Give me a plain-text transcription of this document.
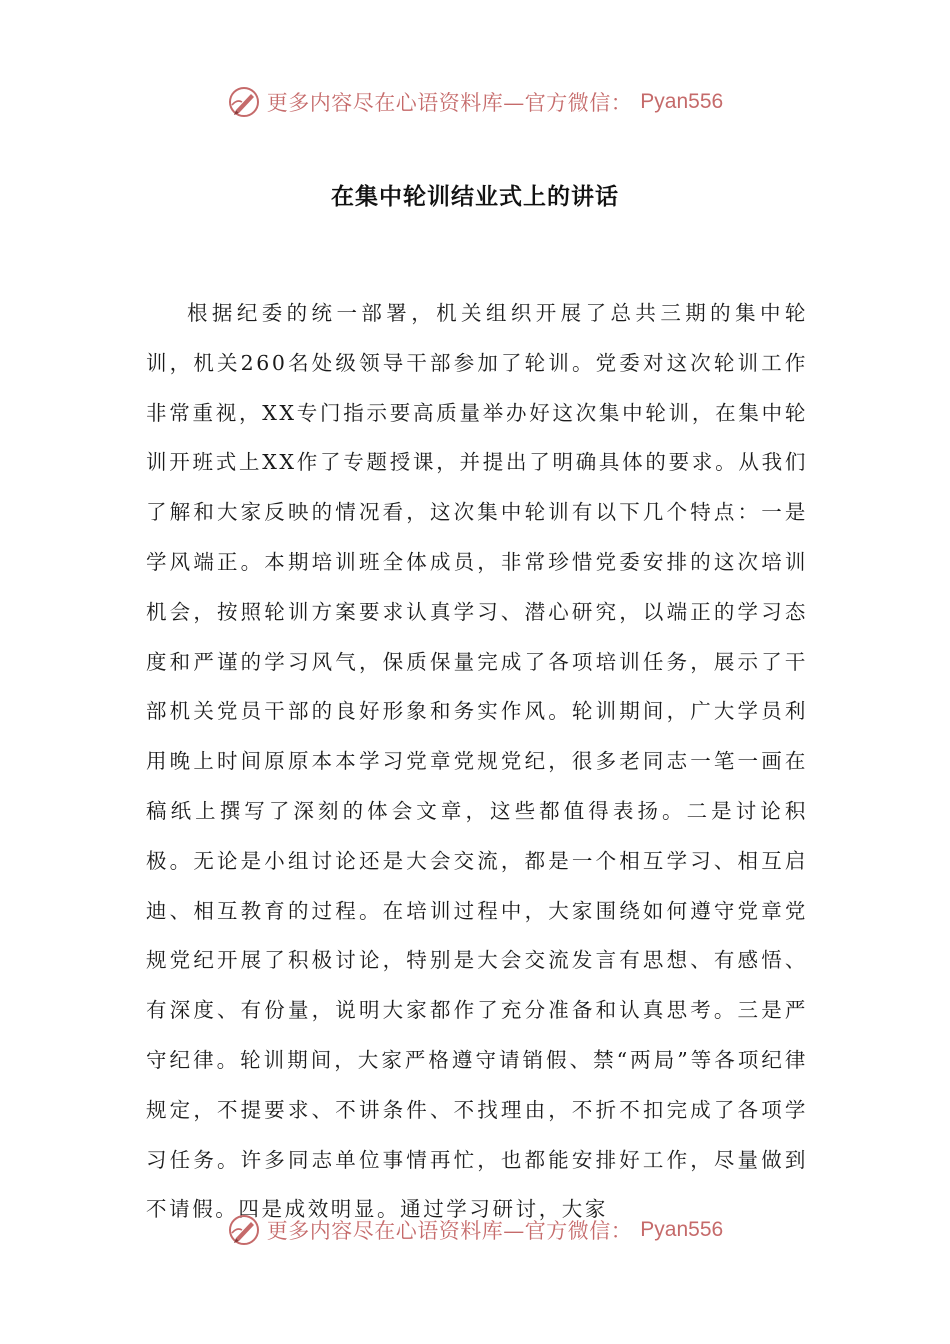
更多内容尽在心语资料库—官方微信： Pyan556
在集中轮训结业式上的讲话

根据纪委的统一部署，机关组织开展了总共三期的集中轮训，机关260名处级领导干部参加了轮训。党委对这次轮训工作非常重视，XX专门指示要高质量举办好这次集中轮训，在集中轮训开班式上XX作了专题授课，并提出了明确具体的要求。从我们了解和大家反映的情况看，这次集中轮训有以下几个特点：一是学风端正。本期培训班全体成员，非常珍惜党委安排的这次培训机会，按照轮训方案要求认真学习、潜心研究，以端正的学习态度和严谨的学习风气，保质保量完成了各项培训任务，展示了干部机关党员干部的良好形象和务实作风。轮训期间，广大学员利用晚上时间原原本本学习党章党规党纪，很多老同志一笔一画在稿纸上撰写了深刻的体会文章，这些都值得表扬。二是讨论积极。无论是小组讨论还是大会交流，都是一个相互学习、相互启迪、相互教育的过程。在培训过程中，大家围绕如何遵守党章党规党纪开展了积极讨论，特别是大会交流发言有思想、有感悟、有深度、有份量，说明大家都作了充分准备和认真思考。三是严守纪律。轮训期间，大家严格遵守请销假、禁“两局”等各项纪律规定，不提要求、不讲条件、不找理由，不折不扣完成了各项学习任务。许多同志单位事情再忙，也都能安排好工作，尽量做到不请假。四是成效明显。通过学习研讨，大家

更多内容尽在心语资料库—官方微信： Pyan556
